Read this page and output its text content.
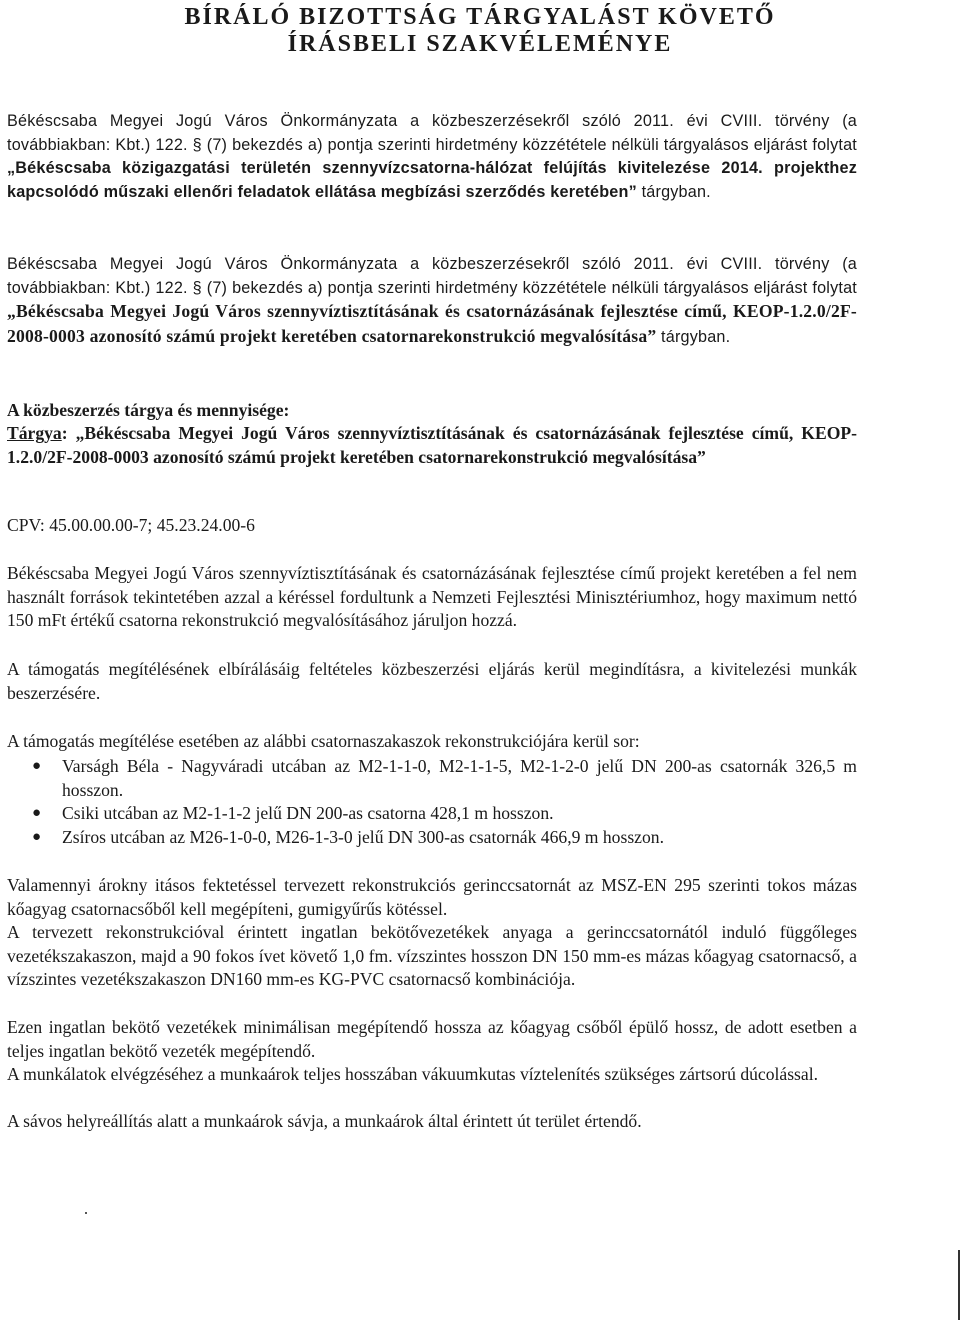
BÍRÁLÓ BIZOTTSÁG TÁRGYALÁST KÖVETŐ
ÍRÁSBELI SZAKVÉLEMÉNYE

Békéscsaba Megyei Jogú Város Önkormányzata a közbeszerzésekről szóló 2011. évi CVIII. törvény (a továbbiakban: Kbt.) 122. § (7) bekezdés a) pontja szerinti hirdetmény közzététele nélküli tárgyalásos eljárást folytat „Békéscsaba közigazgatási területén szennyvízcsatorna-hálózat felújítás kivitelezése 2014. projekthez kapcsolódó műszaki ellenőri feladatok ellátása megbízási szerződés keretében” tárgyban.

Békéscsaba Megyei Jogú Város Önkormányzata a közbeszerzésekről szóló 2011. évi CVIII. törvény (a továbbiakban: Kbt.) 122. § (7) bekezdés a) pontja szerinti hirdetmény közzététele nélküli tárgyalásos eljárást folytat „Békéscsaba Megyei Jogú Város szennyvíztisztításának és csatornázásának fejlesztése című, KEOP-1.2.0/2F-2008-0003 azonosító számú projekt keretében csatornarekonstrukció megvalósítása” tárgyban.

A közbeszerzés tárgya és mennyisége:

Tárgya: „Békéscsaba Megyei Jogú Város szennyvíztisztításának és csatornázásának fejlesztése című, KEOP-1.2.0/2F-2008-0003 azonosító számú projekt keretében csatornarekonstrukció megvalósítása”

CPV: 45.00.00.00-7; 45.23.24.00-6

Békéscsaba Megyei Jogú Város szennyvíztisztításának és csatornázásának fejlesztése című projekt keretében a fel nem használt források tekintetében azzal a kéréssel fordultunk a Nemzeti Fejlesztési Minisztériumhoz, hogy maximum nettó 150 mFt értékű csatorna rekonstrukció megvalósításához járuljon hozzá.

A támogatás megítélésének elbírálásáig feltételes közbeszerzési eljárás kerül megindításra, a kivitelezési munkák beszerzésére.

A támogatás megítélése esetében az alábbi csatornaszakaszok rekonstrukciójára kerül sor:

● Varságh Béla - Nagyváradi utcában az M2-1-1-0, M2-1-1-5, M2-1-2-0 jelű DN 200-as csatornák 326,5 m hosszon.
● Csiki utcában az M2-1-1-2 jelű DN 200-as csatorna 428,1 m hosszon.
● Zsíros utcában az M26-1-0-0, M26-1-3-0 jelű DN 300-as csatornák 466,9 m hosszon.

Valamennyi árokny itásos fektetéssel tervezett rekonstrukciós gerinccsatornát az MSZ-EN 295 szerinti tokos mázas kőagyag csatornacsőből kell megépíteni, gumigyűrűs kötéssel.

A tervezett rekonstrukcióval érintett ingatlan bekötővezetékek anyaga a gerinccsatornától induló függőleges vezetékszakaszon, majd a 90 fokos ívet követő 1,0 fm. vízszintes hosszon DN 150 mm-es mázas kőagyag csatornacső, a vízszintes vezetékszakaszon DN160 mm-es KG-PVC csatornacső kombinációja.

Ezen ingatlan bekötő vezetékek minimálisan megépítendő hossza az kőagyag csőből épülő hossz, de adott esetben a teljes ingatlan bekötő vezeték megépítendő.

A munkálatok elvégzéséhez a munkaárok teljes hosszában vákuumkutas víztelenítés szükséges zártsorú dúcolással.

A sávos helyreállítás alatt a munkaárok sávja, a munkaárok által érintett út terület értendő.
